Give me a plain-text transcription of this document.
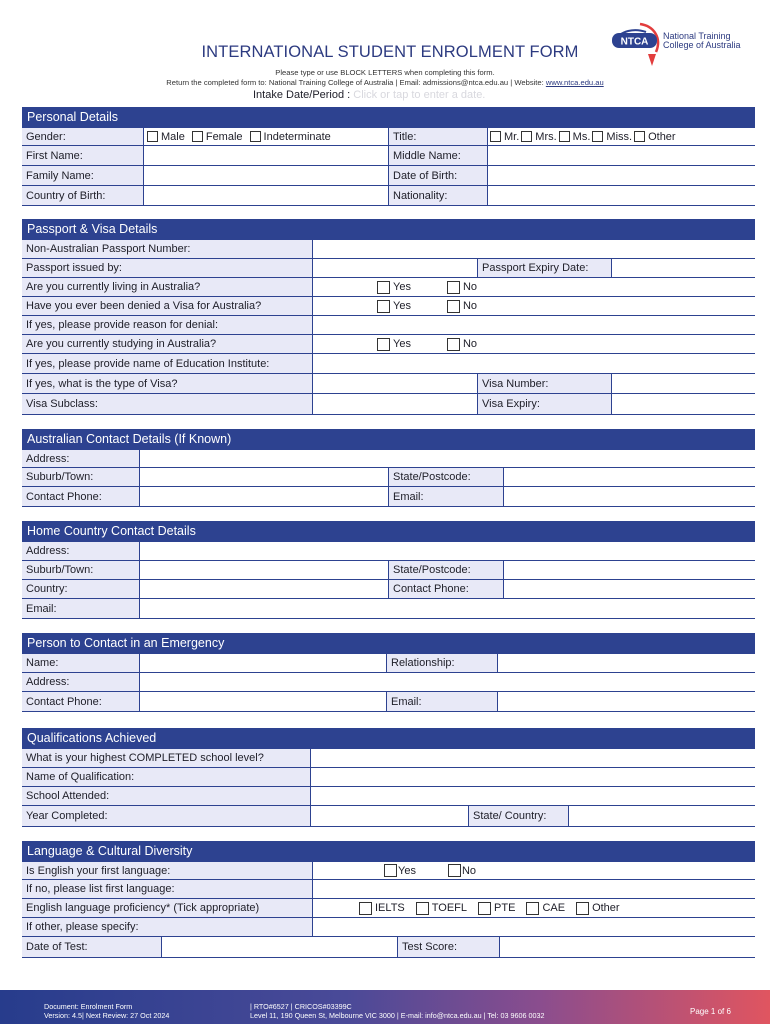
NTCA
National Training
College of Australia
INTERNATIONAL STUDENT ENROLMENT FORM
Please type or use BLOCK LETTERS when completing this form.
Return the completed form to: National Training College of Australia | Email: admissions@ntca.edu.au | Website: www.ntca.edu.au
Intake Date/Period : Click or tap to enter a date.
Personal Details
Gender:	Male Female Indeterminate	Title:	Mr. Mrs. Ms. Miss. Other
First Name:	Middle Name:
Family Name:	Date of Birth:
Country of Birth:	Nationality:
Passport & Visa Details
Non-Australian Passport Number:
Passport issued by:	Passport Expiry Date:
Are you currently living in Australia?	Yes	No
Have you ever been denied a Visa for Australia?	Yes	No
If yes, please provide reason for denial:
Are you currently studying in Australia?	Yes	No
If yes, please provide name of Education Institute:
If yes, what is the type of Visa?	Visa Number:
Visa Subclass:	Visa Expiry:
Australian Contact Details (If Known)
Address:
Suburb/Town:	State/Postcode:
Contact Phone:	Email:
Home Country Contact Details
Address:
Suburb/Town:	State/Postcode:
Country:	Contact Phone:
Email:
Person to Contact in an Emergency
Name:	Relationship:
Address:
Contact Phone:	Email:
Qualifications Achieved
What is your highest COMPLETED school level?
Name of Qualification:
School Attended:
Year Completed:	State/ Country:
Language & Cultural Diversity
Is English your first language:	Yes	No
If no, please list first language:
English language proficiency* (Tick appropriate)	IELTS TOEFL PTE CAE Other
If other, please specify:
Date of Test:	Test Score:
Document: Enrolment Form
Version: 4.5| Next Review: 27 Oct 2024
| RTO#6527 | CRICOS#03399C
Level 11, 190 Queen St, Melbourne VIC 3000 | E-mail: info@ntca.edu.au | Tel: 03 9606 0032	Page 1 of 6
